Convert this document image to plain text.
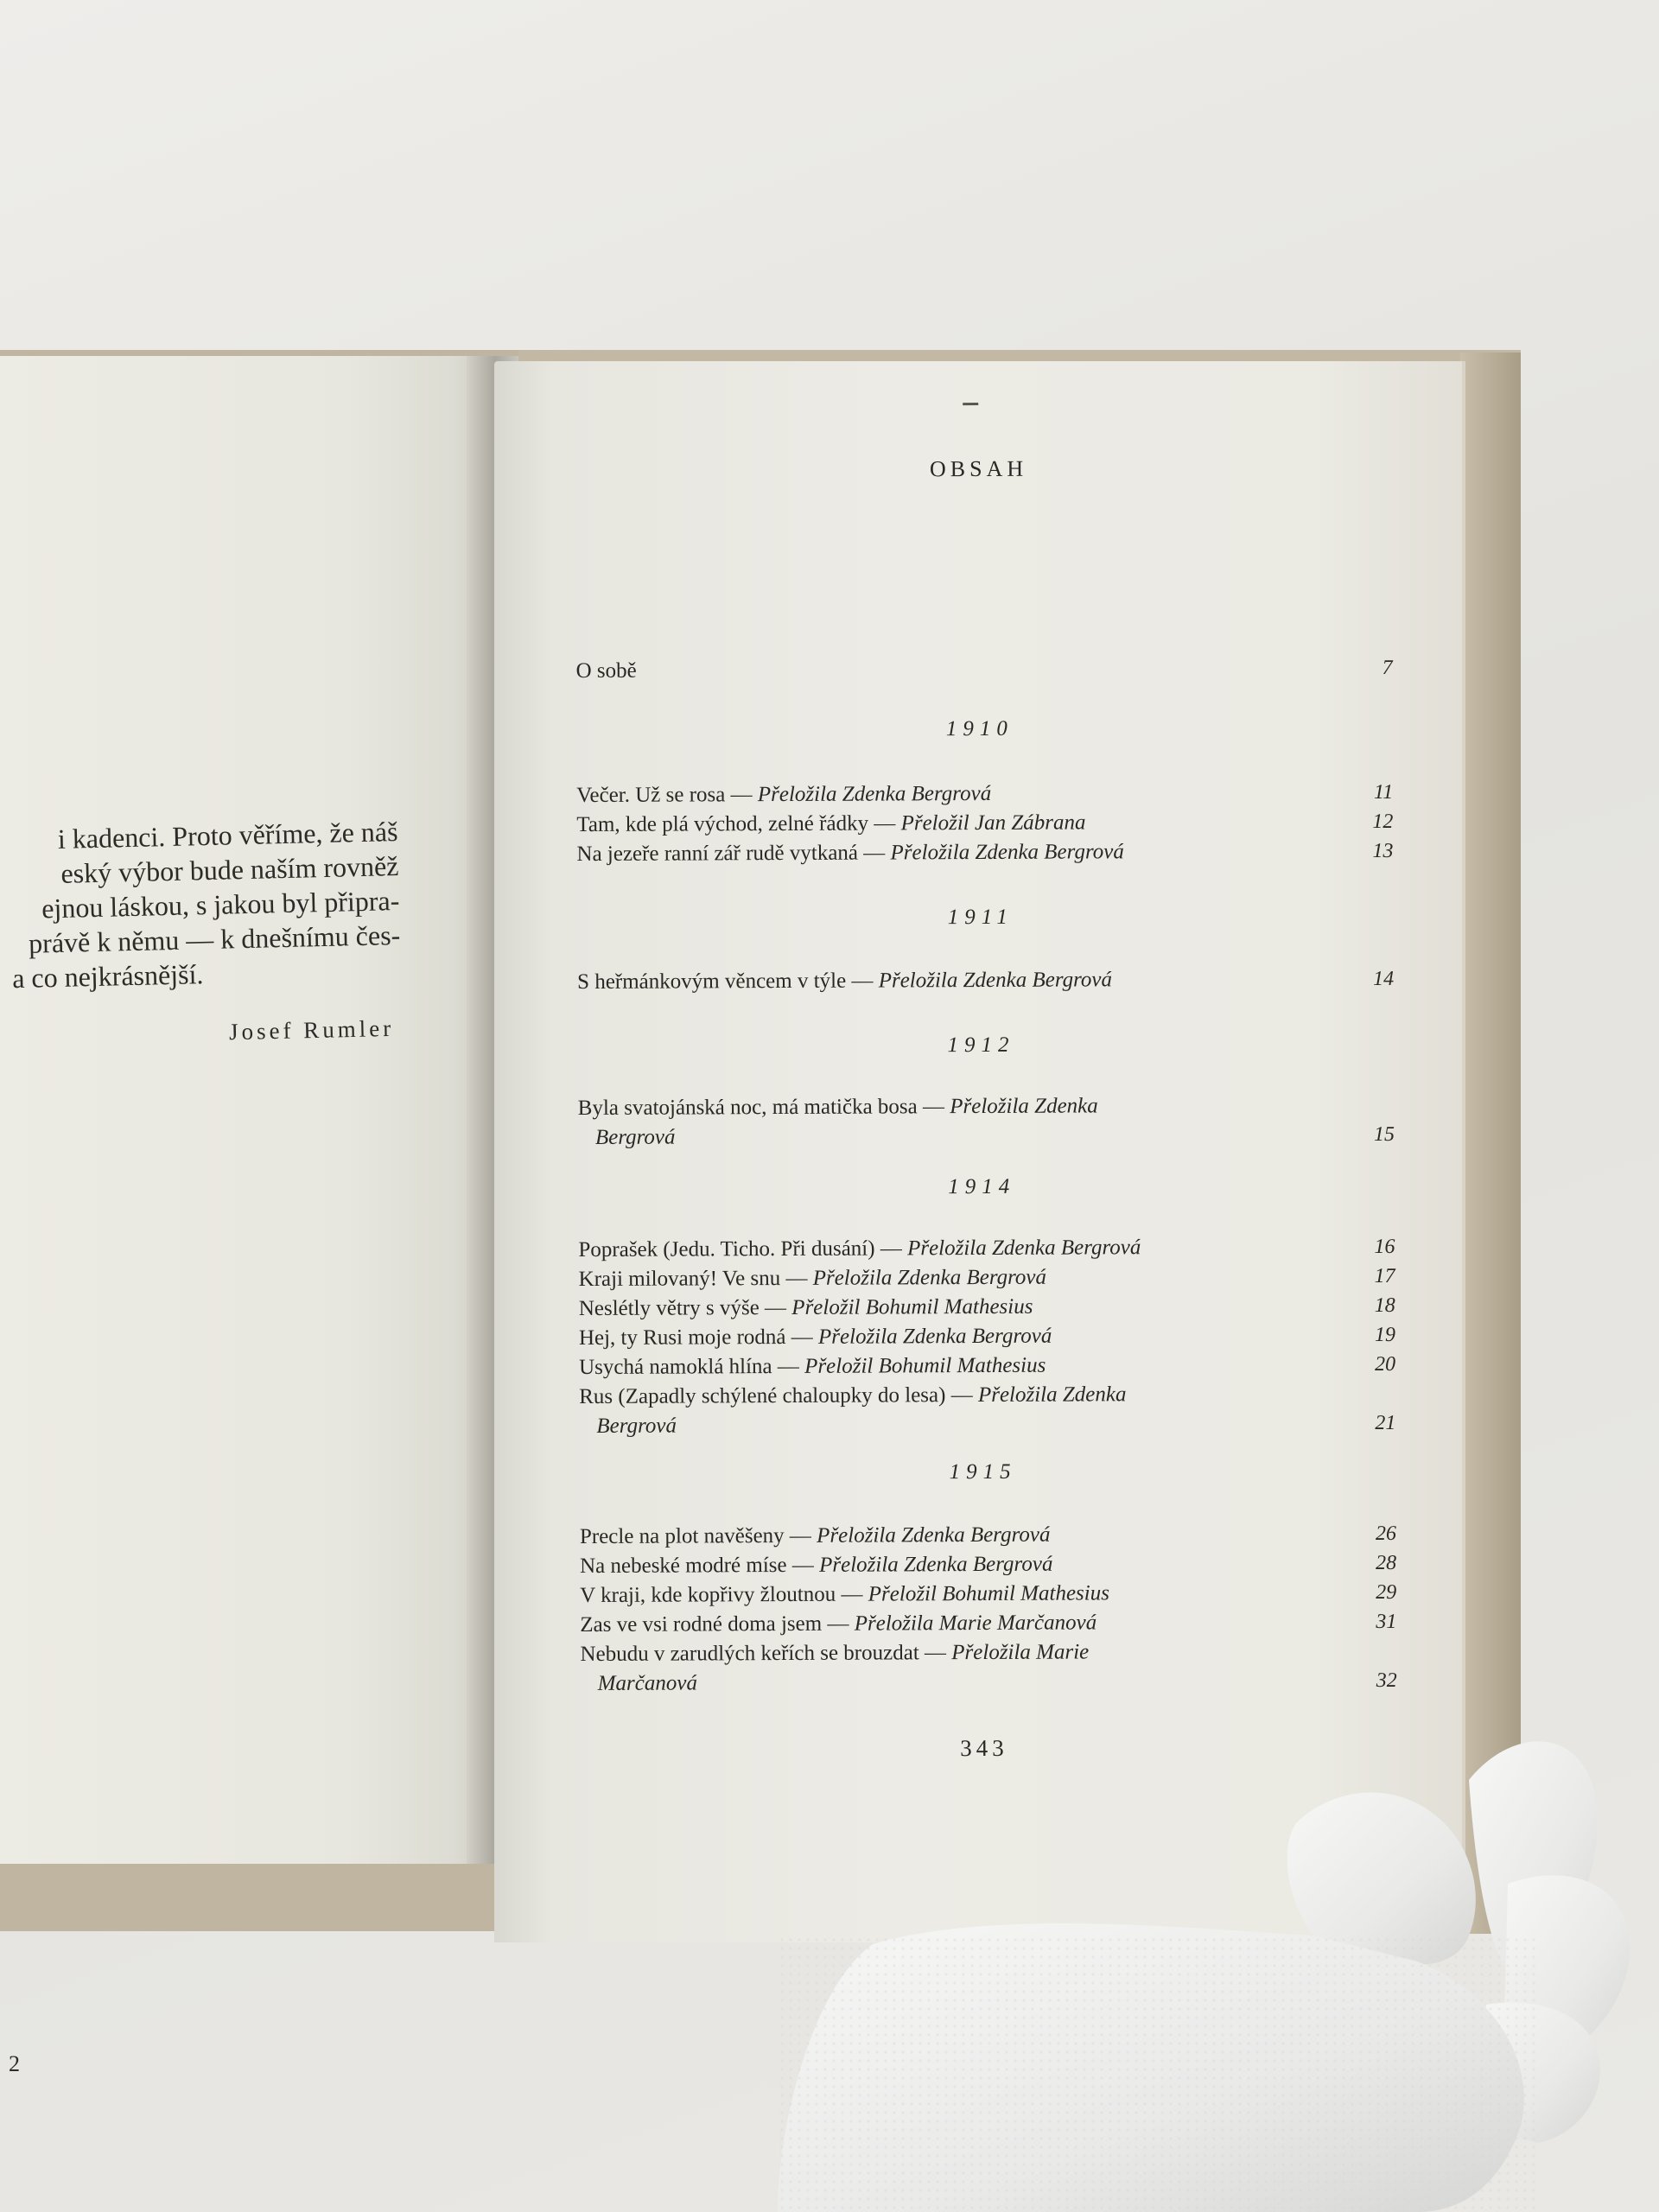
i kadenci. Proto věříme, že náš
eský výbor bude naším rovněž
ejnou láskou, s jakou byl připra-
právě k němu — k dnešnímu čes-
a co nejkrásnější.
Josef Rumler
2
OBSAH
O sobě	7
1910
Večer. Už se rosa — Přeložila Zdenka Bergrová	11
Tam, kde plá východ, zelné řádky — Přeložil Jan Zábrana	12
Na jezeře ranní zář rudě vytkaná — Přeložila Zdenka Bergrová	13
1911
S heřmánkovým věncem v týle — Přeložila Zdenka Bergrová	14
1912
Byla svatojánská noc, má matička bosa — Přeložila Zdenka
Bergrová	15
1914
Poprašek (Jedu. Ticho. Při dusání) — Přeložila Zdenka Bergrová	16
Kraji milovaný! Ve snu — Přeložila Zdenka Bergrová	17
Neslétly větry s výše — Přeložil Bohumil Mathesius	18
Hej, ty Rusi moje rodná — Přeložila Zdenka Bergrová	19
Usychá namoklá hlína — Přeložil Bohumil Mathesius	20
Rus (Zapadly schýlené chaloupky do lesa) — Přeložila Zdenka
Bergrová	21
1915
Precle na plot navěšeny — Přeložila Zdenka Bergrová	26
Na nebeské modré míse — Přeložila Zdenka Bergrová	28
V kraji, kde kopřivy žloutnou — Přeložil Bohumil Mathesius	29
Zas ve vsi rodné doma jsem — Přeložila Marie Marčanová	31
Nebudu v zarudlých keřích se brouzdat — Přeložila Marie
Marčanová	32
343
